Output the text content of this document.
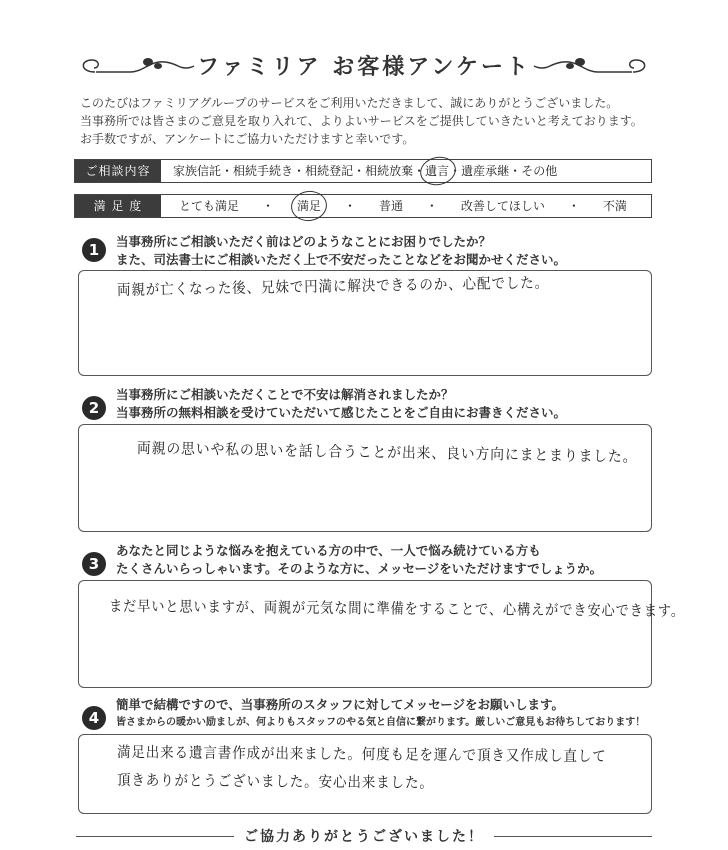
ファミリア お客様アンケート
このたびはファミリアグループのサービスをご利用いただきまして、誠にありがとうございました。
当事務所では皆さまのご意見を取り入れて、よりよいサービスをご提供していきたいと考えております。
お手数ですが、アンケートにご協力いただけますと幸いです。
ご相談内容	家族信託 ・ 相続手続き ・ 相続登記 ・ 相続放棄 ・ 遺言 ・ 遺産承継 ・ その他
満 足 度	とても満足 ・ 満足 ・ 普通 ・ 改善してほしい ・ 不満
1	当事務所にご相談いただく前はどのようなことにお困りでしたか？
また、司法書士にご相談いただく上で不安だったことなどをお聞かせください。
両親が亡くなった後、兄妹で円満に解決できるのか、心配でした。
2
当事務所にご相談いただくことで不安は解消されましたか？
当事務所の無料相談を受けていただいて感じたことをご自由にお書きください。
両親の思いや私の思いを話し合うことが出来、良い方向にまとまりました。
3
あなたと同じような悩みを抱えている方の中で、一人で悩み続けている方も
たくさんいらっしゃいます。そのような方に、メッセージをいただけますでしょうか。
まだ早いと思いますが、両親が元気な間に準備をすることで、心構えができ安心できます。
4
簡単で結構ですので、当事務所のスタッフに対してメッセージをお願いします。
皆さまからの暖かい励ましが、何よりもスタッフのやる気と自信に繋がります。厳しいご意見もお待ちしております！
満足出来る遺言書作成が出来ました。何度も足を運んで頂き又作成し直して
頂きありがとうございました。安心出来ました。
ご協力ありがとうございました！
